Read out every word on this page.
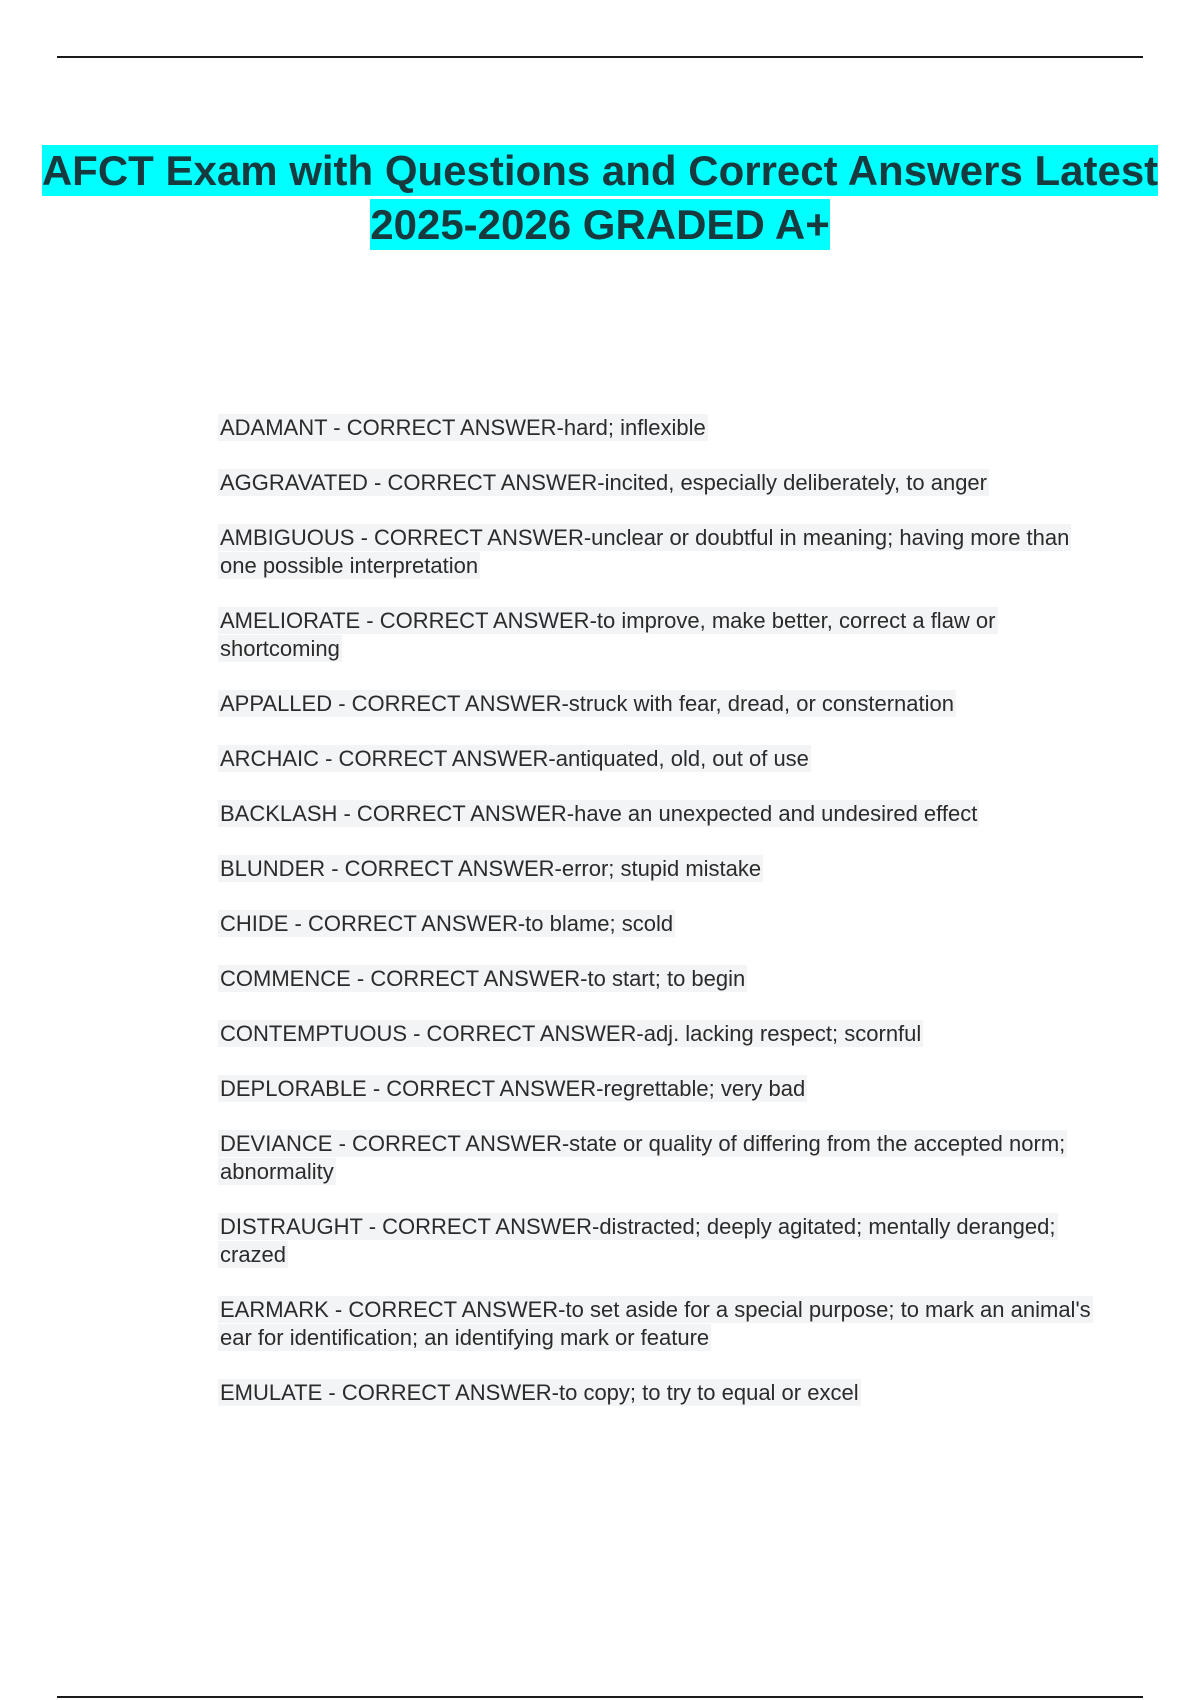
AFCT Exam with Questions and Correct Answers Latest 2025-2026 GRADED A+
ADAMANT - CORRECT ANSWER-hard; inflexible
AGGRAVATED - CORRECT ANSWER-incited, especially deliberately, to anger
AMBIGUOUS - CORRECT ANSWER-unclear or doubtful in meaning; having more than one possible interpretation
AMELIORATE - CORRECT ANSWER-to improve, make better, correct a flaw or shortcoming
APPALLED - CORRECT ANSWER-struck with fear, dread, or consternation
ARCHAIC - CORRECT ANSWER-antiquated, old, out of use
BACKLASH - CORRECT ANSWER-have an unexpected and undesired effect
BLUNDER - CORRECT ANSWER-error; stupid mistake
CHIDE - CORRECT ANSWER-to blame; scold
COMMENCE - CORRECT ANSWER-to start; to begin
CONTEMPTUOUS - CORRECT ANSWER-adj. lacking respect; scornful
DEPLORABLE - CORRECT ANSWER-regrettable; very bad
DEVIANCE - CORRECT ANSWER-state or quality of differing from the accepted norm; abnormality
DISTRAUGHT - CORRECT ANSWER-distracted; deeply agitated; mentally deranged; crazed
EARMARK - CORRECT ANSWER-to set aside for a special purpose; to mark an animal's ear for identification; an identifying mark or feature
EMULATE - CORRECT ANSWER-to copy; to try to equal or excel
